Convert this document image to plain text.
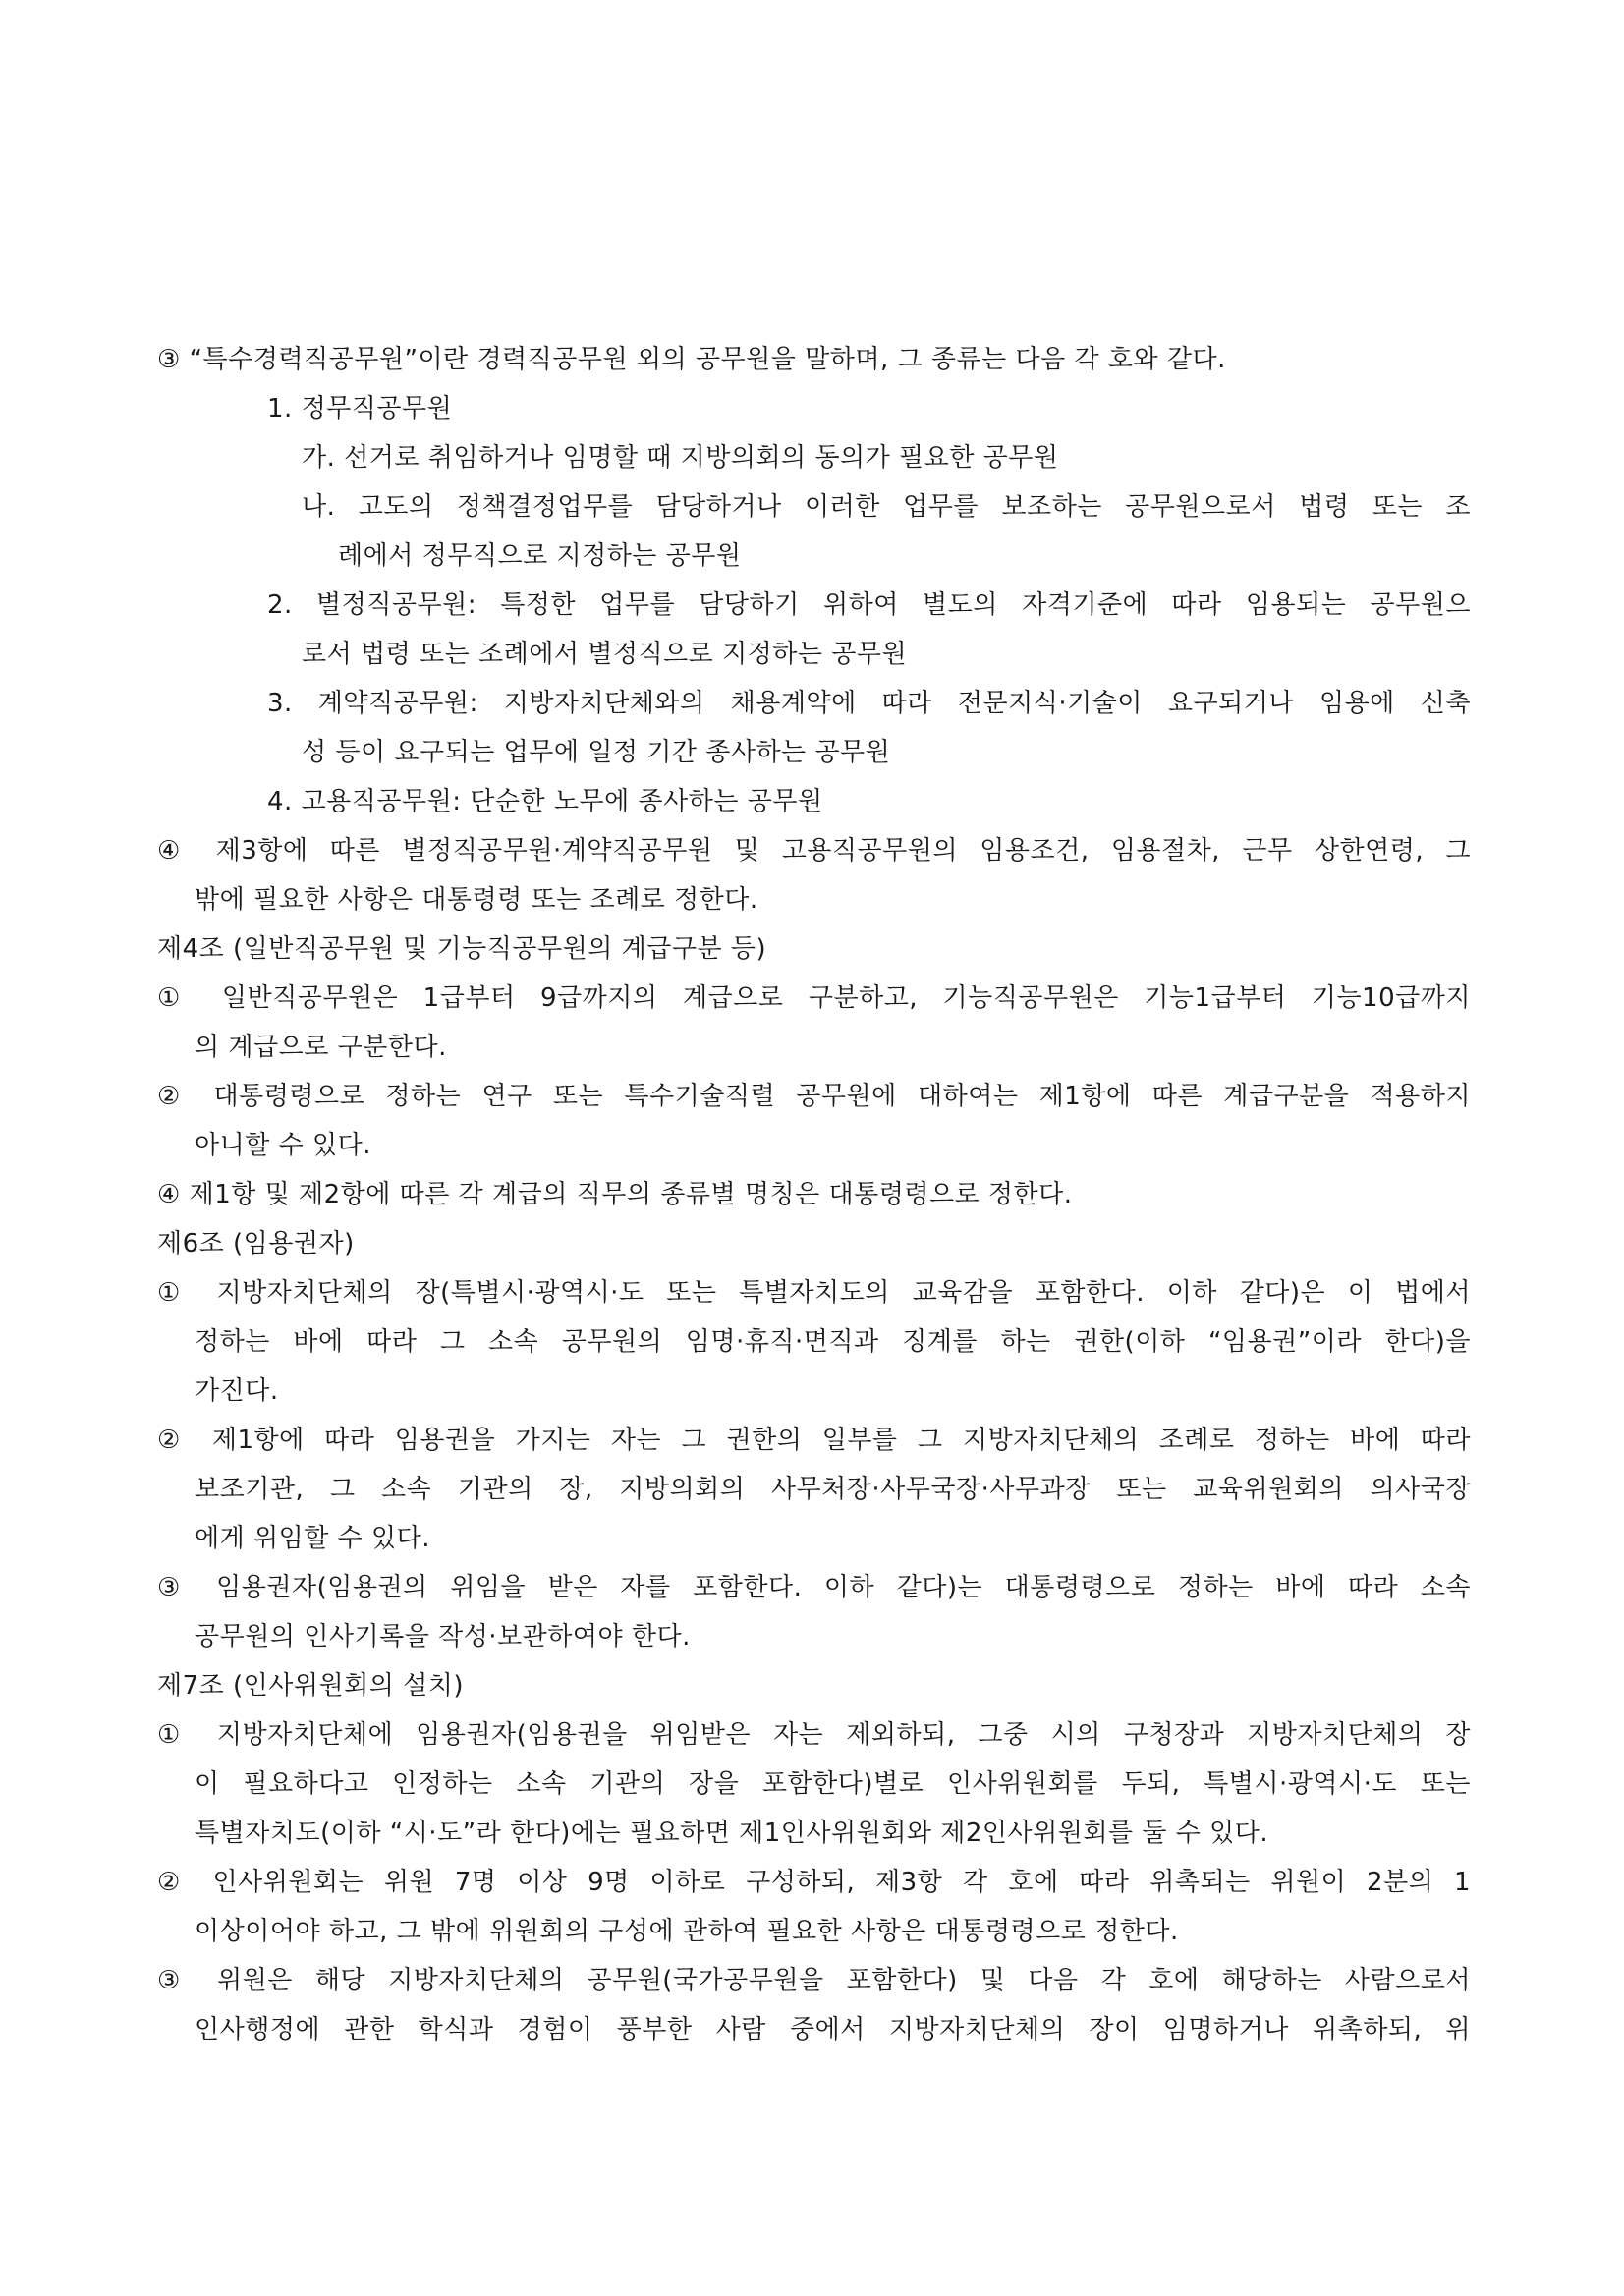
③ “특수경력직공무원”이란 경력직공무원 외의 공무원을 말하며, 그 종류는 다음 각 호와 같다.
1. 정무직공무원
가. 선거로 취임하거나 임명할 때 지방의회의 동의가 필요한 공무원
나. 고도의 정책결정업무를 담당하거나 이러한 업무를 보조하는 공무원으로서 법령 또는 조
례에서 정무직으로 지정하는 공무원
2. 별정직공무원: 특정한 업무를 담당하기 위하여 별도의 자격기준에 따라 임용되는 공무원으
로서 법령 또는 조례에서 별정직으로 지정하는 공무원
3. 계약직공무원: 지방자치단체와의 채용계약에 따라 전문지식·기술이 요구되거나 임용에 신축
성 등이 요구되는 업무에 일정 기간 종사하는 공무원
4. 고용직공무원: 단순한 노무에 종사하는 공무원
④ 제3항에 따른 별정직공무원·계약직공무원 및 고용직공무원의 임용조건, 임용절차, 근무 상한연령, 그
밖에 필요한 사항은 대통령령 또는 조례로 정한다.
제4조 (일반직공무원 및 기능직공무원의 계급구분 등)
① 일반직공무원은 1급부터 9급까지의 계급으로 구분하고, 기능직공무원은 기능1급부터 기능10급까지
의 계급으로 구분한다.
② 대통령령으로 정하는 연구 또는 특수기술직렬 공무원에 대하여는 제1항에 따른 계급구분을 적용하지
아니할 수 있다.
④ 제1항 및 제2항에 따른 각 계급의 직무의 종류별 명칭은 대통령령으로 정한다.
제6조 (임용권자)
① 지방자치단체의 장(특별시·광역시·도 또는 특별자치도의 교육감을 포함한다. 이하 같다)은 이 법에서
정하는 바에 따라 그 소속 공무원의 임명·휴직·면직과 징계를 하는 권한(이하 “임용권”이라 한다)을
가진다.
② 제1항에 따라 임용권을 가지는 자는 그 권한의 일부를 그 지방자치단체의 조례로 정하는 바에 따라
보조기관, 그 소속 기관의 장, 지방의회의 사무처장·사무국장·사무과장 또는 교육위원회의 의사국장
에게 위임할 수 있다.
③ 임용권자(임용권의 위임을 받은 자를 포함한다. 이하 같다)는 대통령령으로 정하는 바에 따라 소속
공무원의 인사기록을 작성·보관하여야 한다.
제7조 (인사위원회의 설치)
① 지방자치단체에 임용권자(임용권을 위임받은 자는 제외하되, 그중 시의 구청장과 지방자치단체의 장
이 필요하다고 인정하는 소속 기관의 장을 포함한다)별로 인사위원회를 두되, 특별시·광역시·도 또는
특별자치도(이하 “시·도”라 한다)에는 필요하면 제1인사위원회와 제2인사위원회를 둘 수 있다.
② 인사위원회는 위원 7명 이상 9명 이하로 구성하되, 제3항 각 호에 따라 위촉되는 위원이 2분의 1
이상이어야 하고, 그 밖에 위원회의 구성에 관하여 필요한 사항은 대통령령으로 정한다.
③ 위원은 해당 지방자치단체의 공무원(국가공무원을 포함한다) 및 다음 각 호에 해당하는 사람으로서
인사행정에 관한 학식과 경험이 풍부한 사람 중에서 지방자치단체의 장이 임명하거나 위촉하되, 위
